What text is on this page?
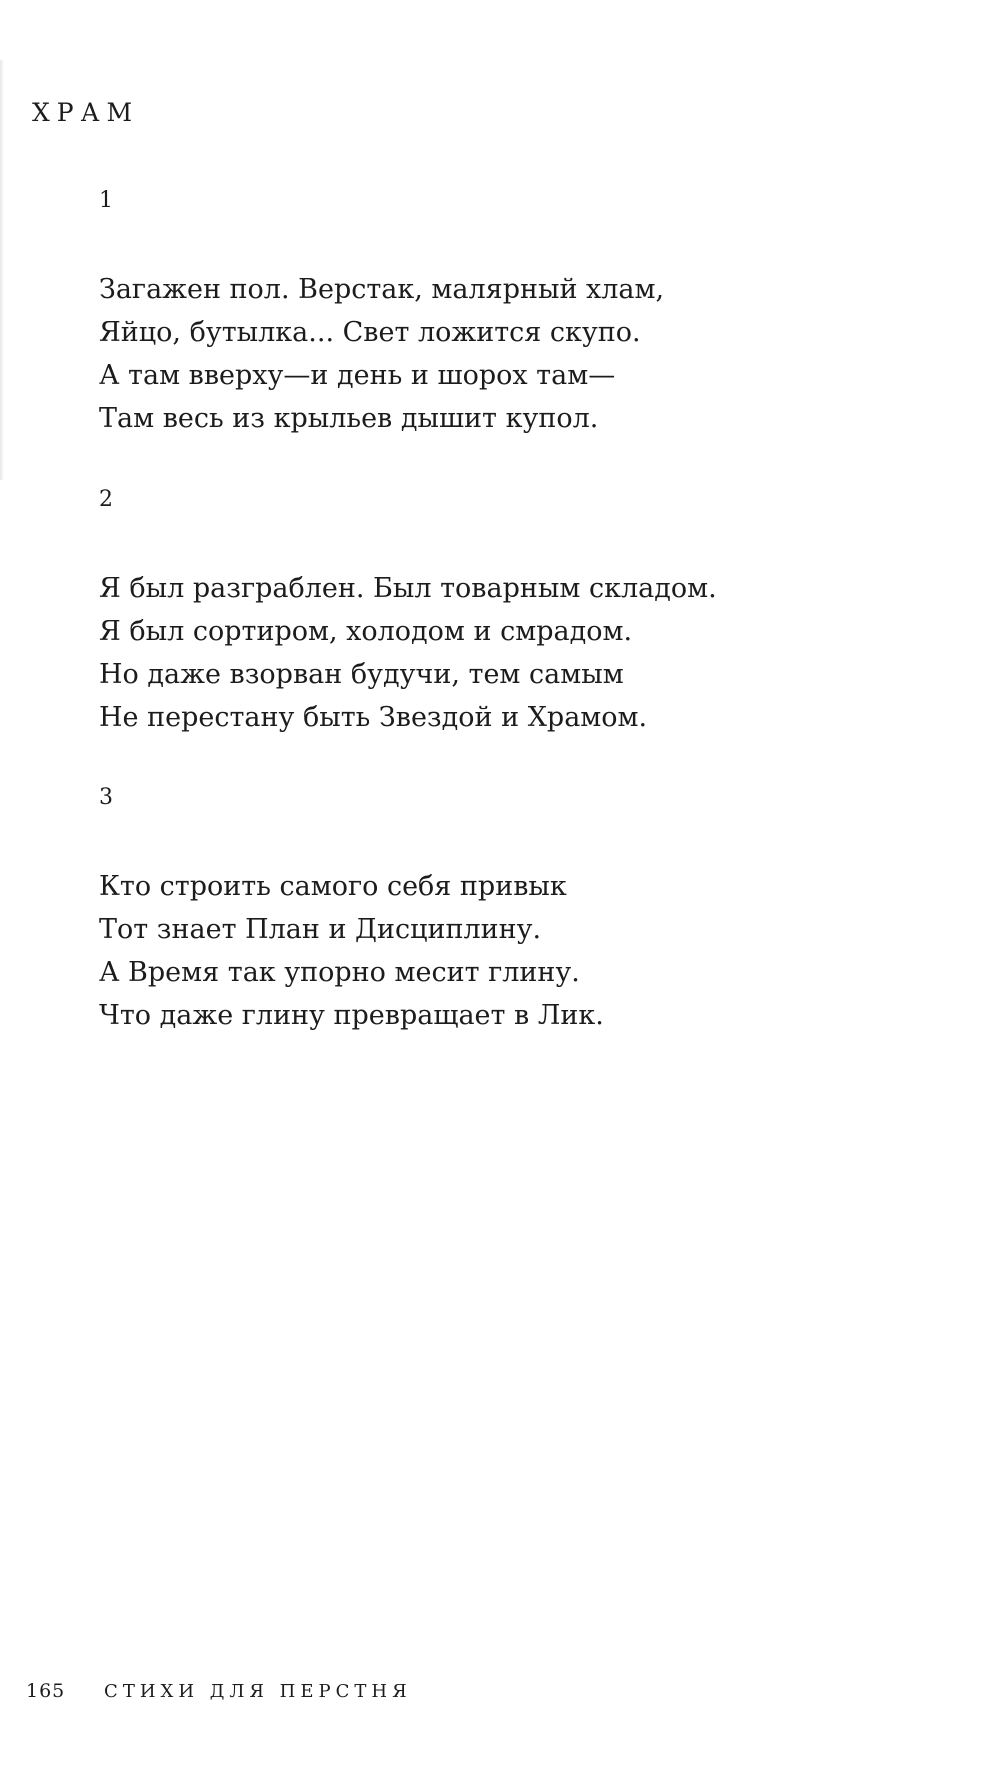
ХРАМ
1
Загажен пол. Верстак, малярный хлам,
Яйцо, бутылка... Свет ложится скупо.
А там вверху—и день и шорох там—
Там весь из крыльев дышит купол.
2
Я был разграблен. Был товарным складом.
Я был сортиром, холодом и смрадом.
Но даже взорван будучи, тем самым
Не перестану быть Звездой и Храмом.
3
Кто строить самого себя привык
Тот знает План и Дисциплину.
А Время так упорно месит глину.
Что даже глину превращает в Лик.
165 СТИХИ ДЛЯ ПЕРСТНЯ
